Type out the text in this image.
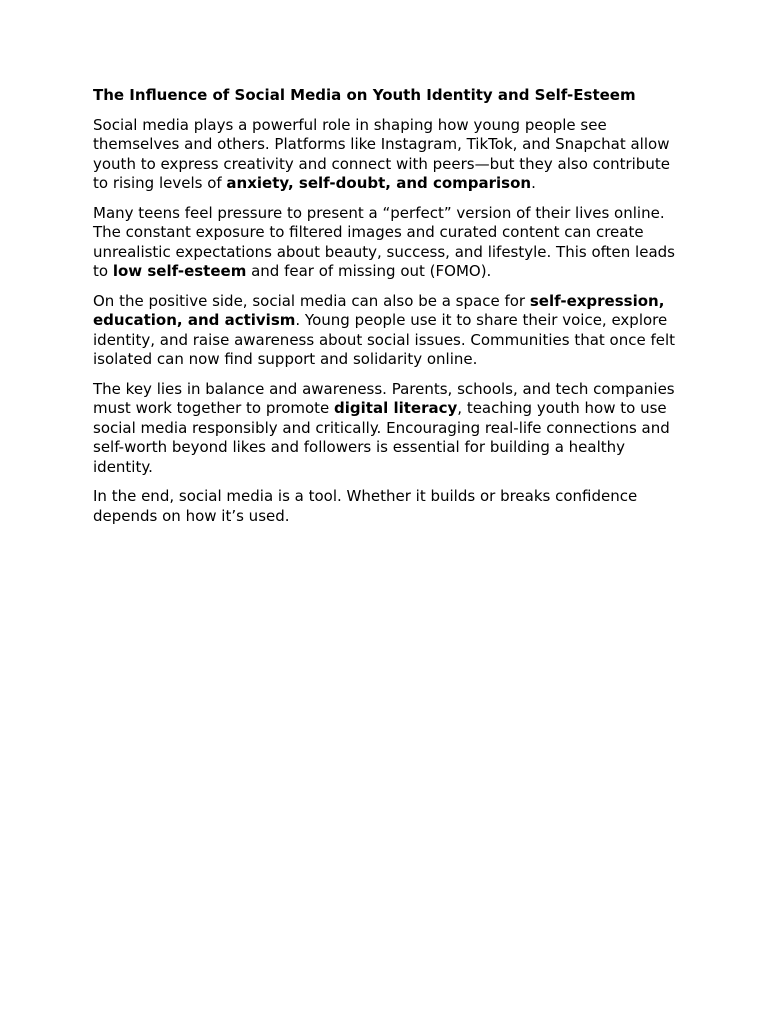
The Influence of Social Media on Youth Identity and Self-Esteem

Social media plays a powerful role in shaping how young people see themselves and others. Platforms like Instagram, TikTok, and Snapchat allow youth to express creativity and connect with peers—but they also contribute to rising levels of anxiety, self-doubt, and comparison.

Many teens feel pressure to present a “perfect” version of their lives online. The constant exposure to filtered images and curated content can create unrealistic expectations about beauty, success, and lifestyle. This often leads to low self-esteem and fear of missing out (FOMO).

On the positive side, social media can also be a space for self-expression, education, and activism. Young people use it to share their voice, explore identity, and raise awareness about social issues. Communities that once felt isolated can now find support and solidarity online.

The key lies in balance and awareness. Parents, schools, and tech companies must work together to promote digital literacy, teaching youth how to use social media responsibly and critically. Encouraging real-life connections and self-worth beyond likes and followers is essential for building a healthy identity.

In the end, social media is a tool. Whether it builds or breaks confidence depends on how it’s used.
